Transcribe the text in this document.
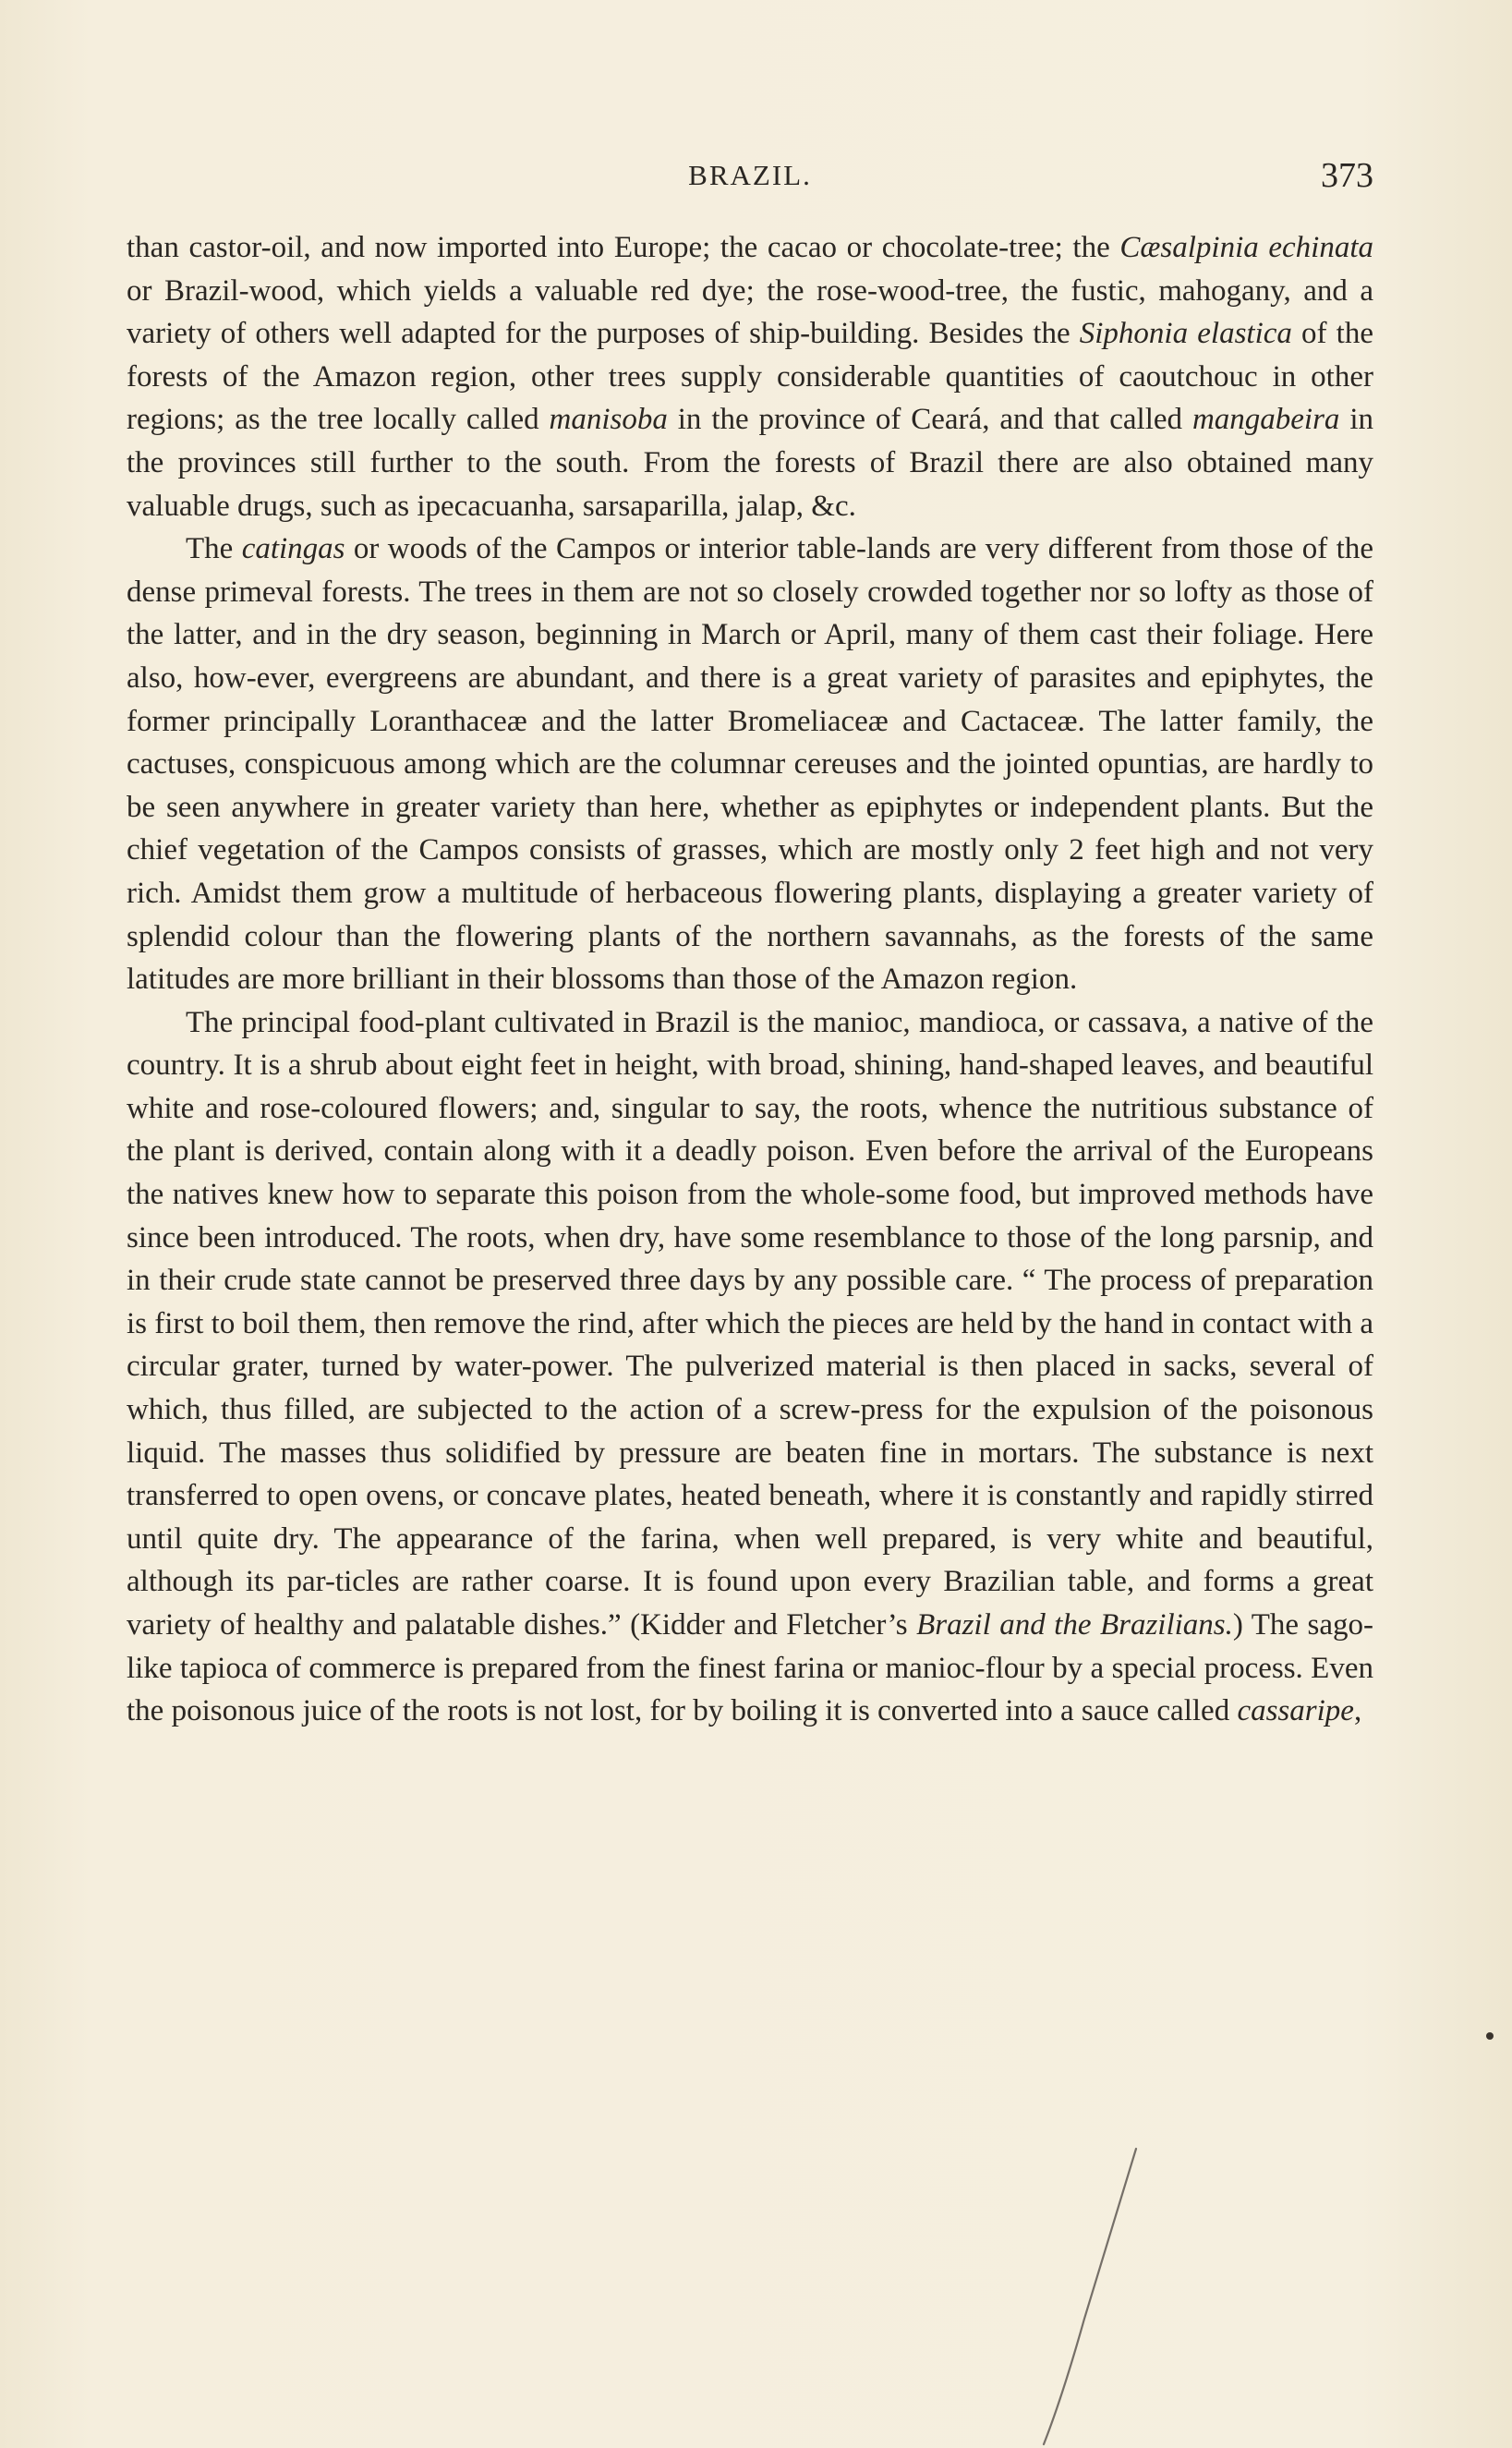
BRAZIL.	373

than castor-oil, and now imported into Europe; the cacao or chocolate-tree; the Cæsalpinia echinata or Brazil-wood, which yields a valuable red dye; the rose-wood-tree, the fustic, mahogany, and a variety of others well adapted for the purposes of ship-building. Besides the Siphonia elastica of the forests of the Amazon region, other trees supply considerable quantities of caoutchouc in other regions; as the tree locally called manisoba in the province of Ceará, and that called mangabeira in the provinces still further to the south. From the forests of Brazil there are also obtained many valuable drugs, such as ipecacuanha, sarsaparilla, jalap, &c.

The catingas or woods of the Campos or interior table-lands are very different from those of the dense primeval forests. The trees in them are not so closely crowded together nor so lofty as those of the latter, and in the dry season, beginning in March or April, many of them cast their foliage. Here also, how-ever, evergreens are abundant, and there is a great variety of parasites and epiphytes, the former principally Loranthaceæ and the latter Bromeliaceæ and Cactaceæ. The latter family, the cactuses, conspicuous among which are the columnar cereuses and the jointed opuntias, are hardly to be seen anywhere in greater variety than here, whether as epiphytes or independent plants. But the chief vegetation of the Campos consists of grasses, which are mostly only 2 feet high and not very rich. Amidst them grow a multitude of herbaceous flowering plants, displaying a greater variety of splendid colour than the flowering plants of the northern savannahs, as the forests of the same latitudes are more brilliant in their blossoms than those of the Amazon region.

The principal food-plant cultivated in Brazil is the manioc, mandioca, or cassava, a native of the country. It is a shrub about eight feet in height, with broad, shining, hand-shaped leaves, and beautiful white and rose-coloured flowers; and, singular to say, the roots, whence the nutritious substance of the plant is derived, contain along with it a deadly poison. Even before the arrival of the Europeans the natives knew how to separate this poison from the whole-some food, but improved methods have since been introduced. The roots, when dry, have some resemblance to those of the long parsnip, and in their crude state cannot be preserved three days by any possible care. “ The process of preparation is first to boil them, then remove the rind, after which the pieces are held by the hand in contact with a circular grater, turned by water-power. The pulverized material is then placed in sacks, several of which, thus filled, are subjected to the action of a screw-press for the expulsion of the poisonous liquid. The masses thus solidified by pressure are beaten fine in mortars. The substance is next transferred to open ovens, or concave plates, heated beneath, where it is constantly and rapidly stirred until quite dry. The appearance of the farina, when well prepared, is very white and beautiful, although its par-ticles are rather coarse. It is found upon every Brazilian table, and forms a great variety of healthy and palatable dishes.” (Kidder and Fletcher’s Brazil and the Brazilians.) The sago-like tapioca of commerce is prepared from the finest farina or manioc-flour by a special process. Even the poisonous juice of the roots is not lost, for by boiling it is converted into a sauce called cassaripe,
